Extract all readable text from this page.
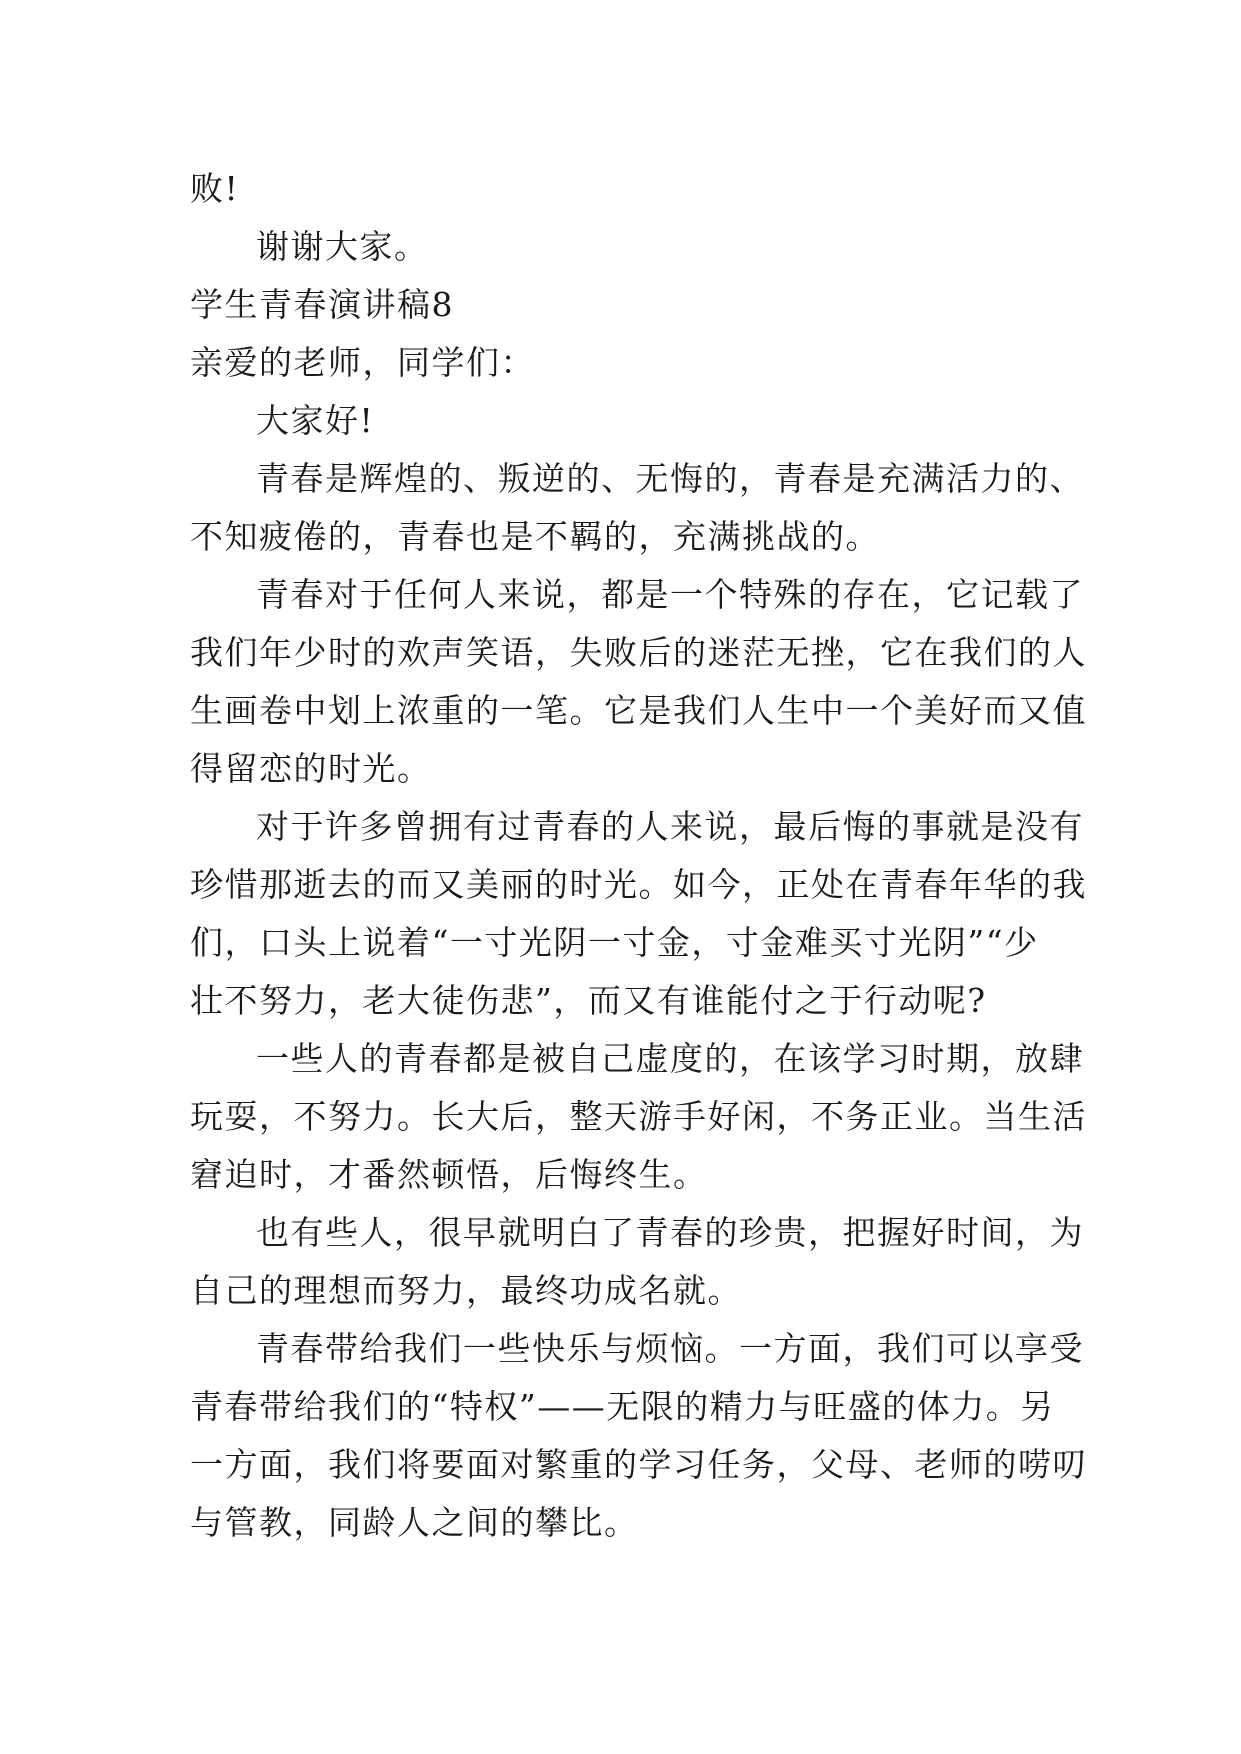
败!
谢谢大家。
学生青春演讲稿8
亲爱的老师，同学们：
大家好!
青春是辉煌的、叛逆的、无悔的，青春是充满活力的、
不知疲倦的，青春也是不羁的，充满挑战的。
青春对于任何人来说，都是一个特殊的存在，它记载了
我们年少时的欢声笑语，失败后的迷茫无挫，它在我们的人
生画卷中划上浓重的一笔。它是我们人生中一个美好而又值
得留恋的时光。
对于许多曾拥有过青春的人来说，最后悔的事就是没有
珍惜那逝去的而又美丽的时光。如今，正处在青春年华的我
们，口头上说着“一寸光阴一寸金，寸金难买寸光阴”“少
壮不努力，老大徒伤悲”，而又有谁能付之于行动呢?
一些人的青春都是被自己虚度的，在该学习时期，放肆
玩耍，不努力。长大后，整天游手好闲，不务正业。当生活
窘迫时，才番然顿悟，后悔终生。
也有些人，很早就明白了青春的珍贵，把握好时间，为
自己的理想而努力，最终功成名就。
青春带给我们一些快乐与烦恼。一方面，我们可以享受
青春带给我们的“特权”——无限的精力与旺盛的体力。另
一方面，我们将要面对繁重的学习任务，父母、老师的唠叨
与管教，同龄人之间的攀比。
